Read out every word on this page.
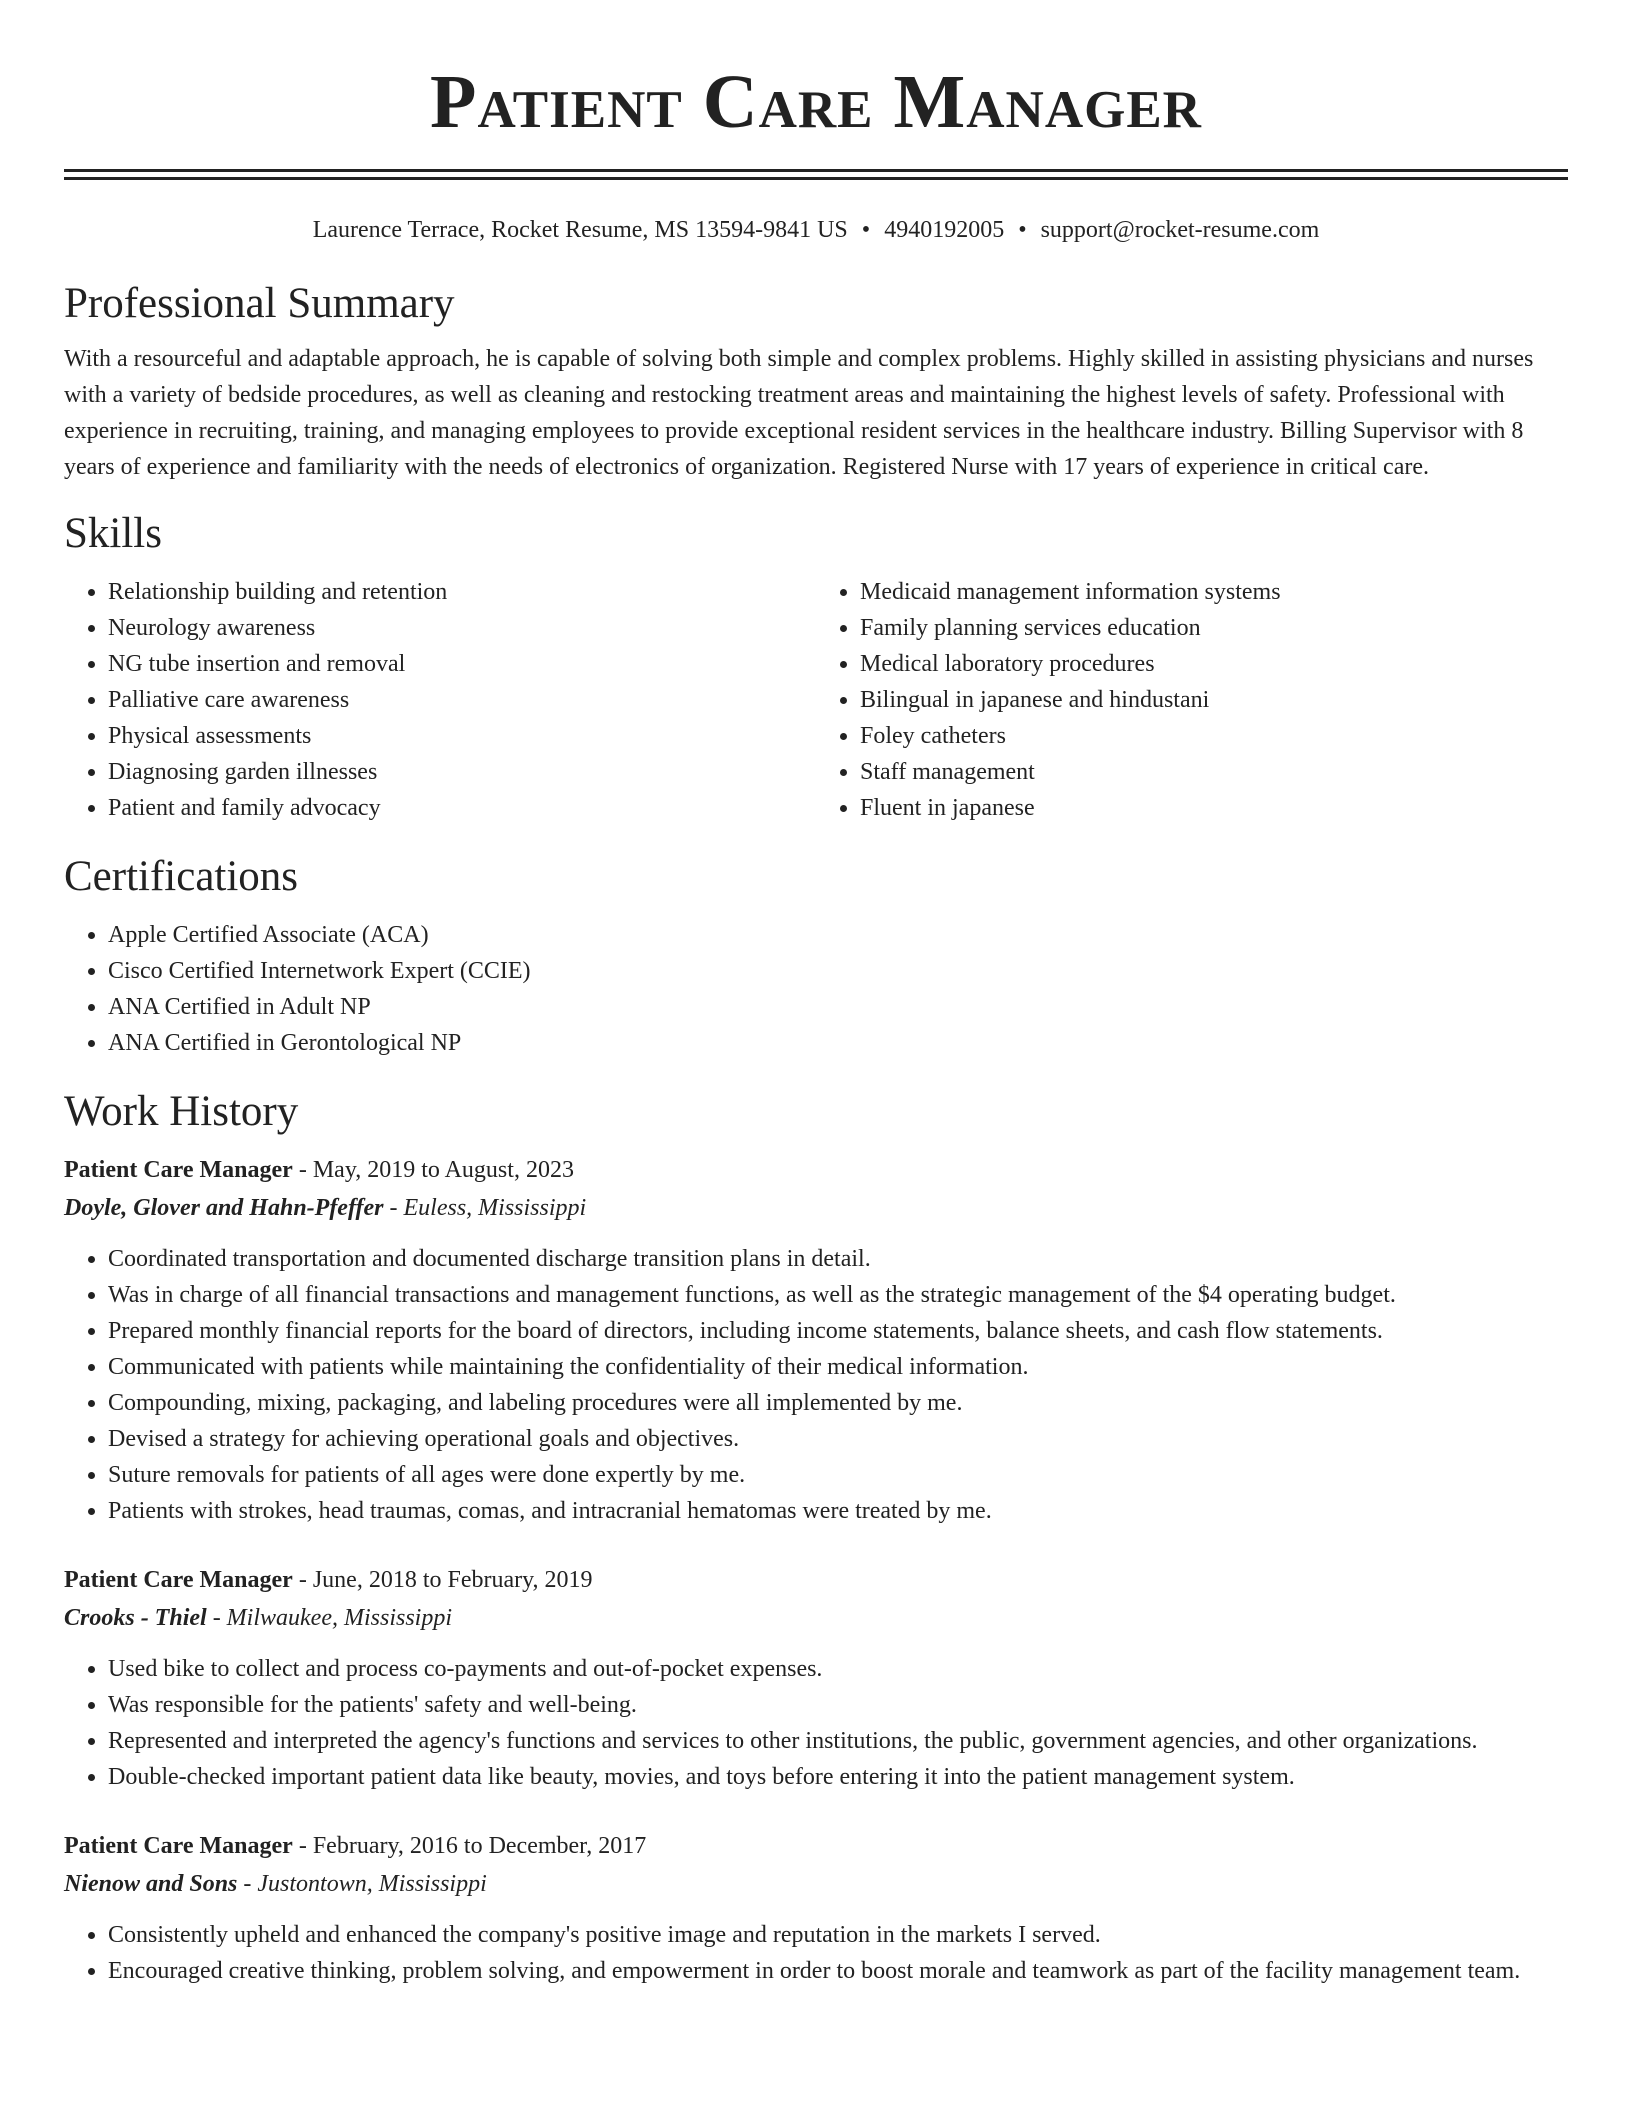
Patient Care Manager
Laurence Terrace, Rocket Resume, MS 13594-9841 US • 4940192005 • support@rocket-resume.com
Professional Summary
With a resourceful and adaptable approach, he is capable of solving both simple and complex problems. Highly skilled in assisting physicians and nurses with a variety of bedside procedures, as well as cleaning and restocking treatment areas and maintaining the highest levels of safety. Professional with experience in recruiting, training, and managing employees to provide exceptional resident services in the healthcare industry. Billing Supervisor with 8 years of experience and familiarity with the needs of electronics of organization. Registered Nurse with 17 years of experience in critical care.
Skills
• Relationship building and retention
• Neurology awareness
• NG tube insertion and removal
• Palliative care awareness
• Physical assessments
• Diagnosing garden illnesses
• Patient and family advocacy
• Medicaid management information systems
• Family planning services education
• Medical laboratory procedures
• Bilingual in japanese and hindustani
• Foley catheters
• Staff management
• Fluent in japanese
Certifications
• Apple Certified Associate (ACA)
• Cisco Certified Internetwork Expert (CCIE)
• ANA Certified in Adult NP
• ANA Certified in Gerontological NP
Work History
Patient Care Manager - May, 2019 to August, 2023
Doyle, Glover and Hahn-Pfeffer - Euless, Mississippi
• Coordinated transportation and documented discharge transition plans in detail.
• Was in charge of all financial transactions and management functions, as well as the strategic management of the $4 operating budget.
• Prepared monthly financial reports for the board of directors, including income statements, balance sheets, and cash flow statements.
• Communicated with patients while maintaining the confidentiality of their medical information.
• Compounding, mixing, packaging, and labeling procedures were all implemented by me.
• Devised a strategy for achieving operational goals and objectives.
• Suture removals for patients of all ages were done expertly by me.
• Patients with strokes, head traumas, comas, and intracranial hematomas were treated by me.
Patient Care Manager - June, 2018 to February, 2019
Crooks - Thiel - Milwaukee, Mississippi
• Used bike to collect and process co-payments and out-of-pocket expenses.
• Was responsible for the patients' safety and well-being.
• Represented and interpreted the agency's functions and services to other institutions, the public, government agencies, and other organizations.
• Double-checked important patient data like beauty, movies, and toys before entering it into the patient management system.
Patient Care Manager - February, 2016 to December, 2017
Nienow and Sons - Justontown, Mississippi
• Consistently upheld and enhanced the company's positive image and reputation in the markets I served.
• Encouraged creative thinking, problem solving, and empowerment in order to boost morale and teamwork as part of the facility management team.
